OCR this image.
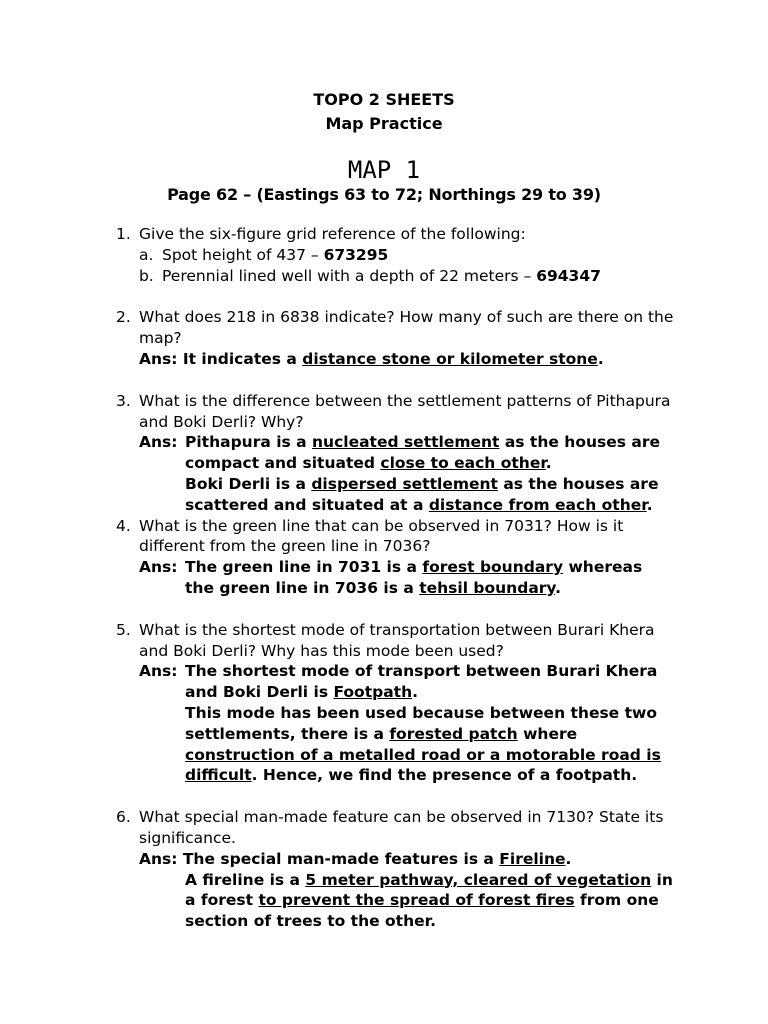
TOPO 2 SHEETS
Map Practice
MAP 1
Page 62 – (Eastings 63 to 72; Northings 29 to 39)
1. Give the six-figure grid reference of the following:
a. Spot height of 437 – 673295
b. Perennial lined well with a depth of 22 meters – 694347
2. What does 218 in 6838 indicate? How many of such are there on the map?
Ans: It indicates a distance stone or kilometer stone.
3. What is the difference between the settlement patterns of Pithapura and Boki Derli? Why?
Ans: Pithapura is a nucleated settlement as the houses are compact and situated close to each other.
Boki Derli is a dispersed settlement as the houses are scattered and situated at a distance from each other.
4. What is the green line that can be observed in 7031? How is it different from the green line in 7036?
Ans: The green line in 7031 is a forest boundary whereas the green line in 7036 is a tehsil boundary.
5. What is the shortest mode of transportation between Burari Khera and Boki Derli? Why has this mode been used?
Ans: The shortest mode of transport between Burari Khera and Boki Derli is Footpath.
This mode has been used because between these two settlements, there is a forested patch where construction of a metalled road or a motorable road is difficult. Hence, we find the presence of a footpath.
6. What special man-made feature can be observed in 7130? State its significance.
Ans: The special man-made features is a Fireline.
A fireline is a 5 meter pathway, cleared of vegetation in a forest to prevent the spread of forest fires from one section of trees to the other.
